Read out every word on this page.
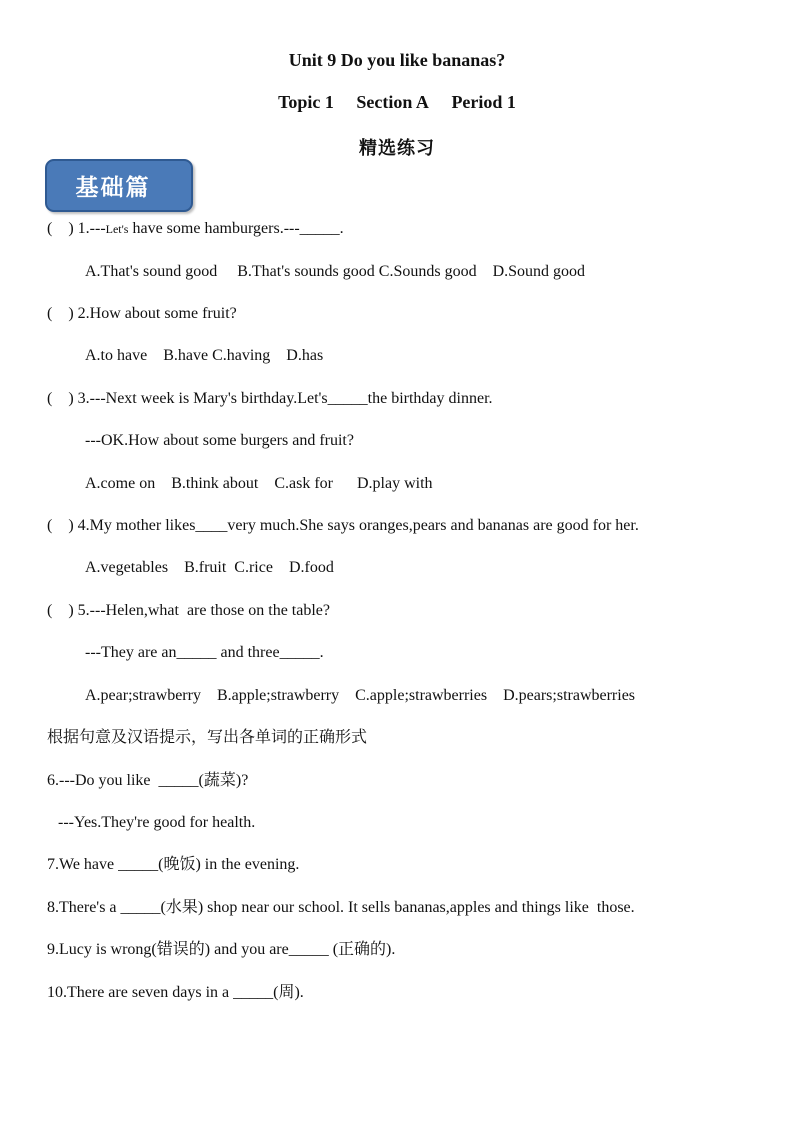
Unit 9 Do you like bananas?
Topic 1 Section A Period 1
精选练习
基础篇
(    ) 1.---Let's have some hamburgers.---_____.
A.That's sound good     B.That's sounds good C.Sounds good    D.Sound good
(    ) 2.How about some fruit?
A.to have    B.have C.having    D.has
(    ) 3.---Next week is Mary's birthday.Let's_____the birthday dinner.
---OK.How about some burgers and fruit?
A.come on    B.think about    C.ask for      D.play with
(    ) 4.My mother likes____very much.She says oranges,pears and bananas are good for her.
A.vegetables    B.fruit  C.rice    D.food
(    ) 5.---Helen,what  are those on the table?
---They are an_____ and three_____.
A.pear;strawberry    B.apple;strawberry    C.apple;strawberries    D.pears;strawberries
根据句意及汉语提示，写出各单词的正确形式
6.---Do you like  _____(蔬菜)?
---Yes.They're good for health.
7.We have _____(晚饭) in the evening.
8.There's a _____(水果) shop near our school. It sells bananas,apples and things like  those.
9.Lucy is wrong(错误的) and you are_____ (正确的).
10.There are seven days in a _____(周).
